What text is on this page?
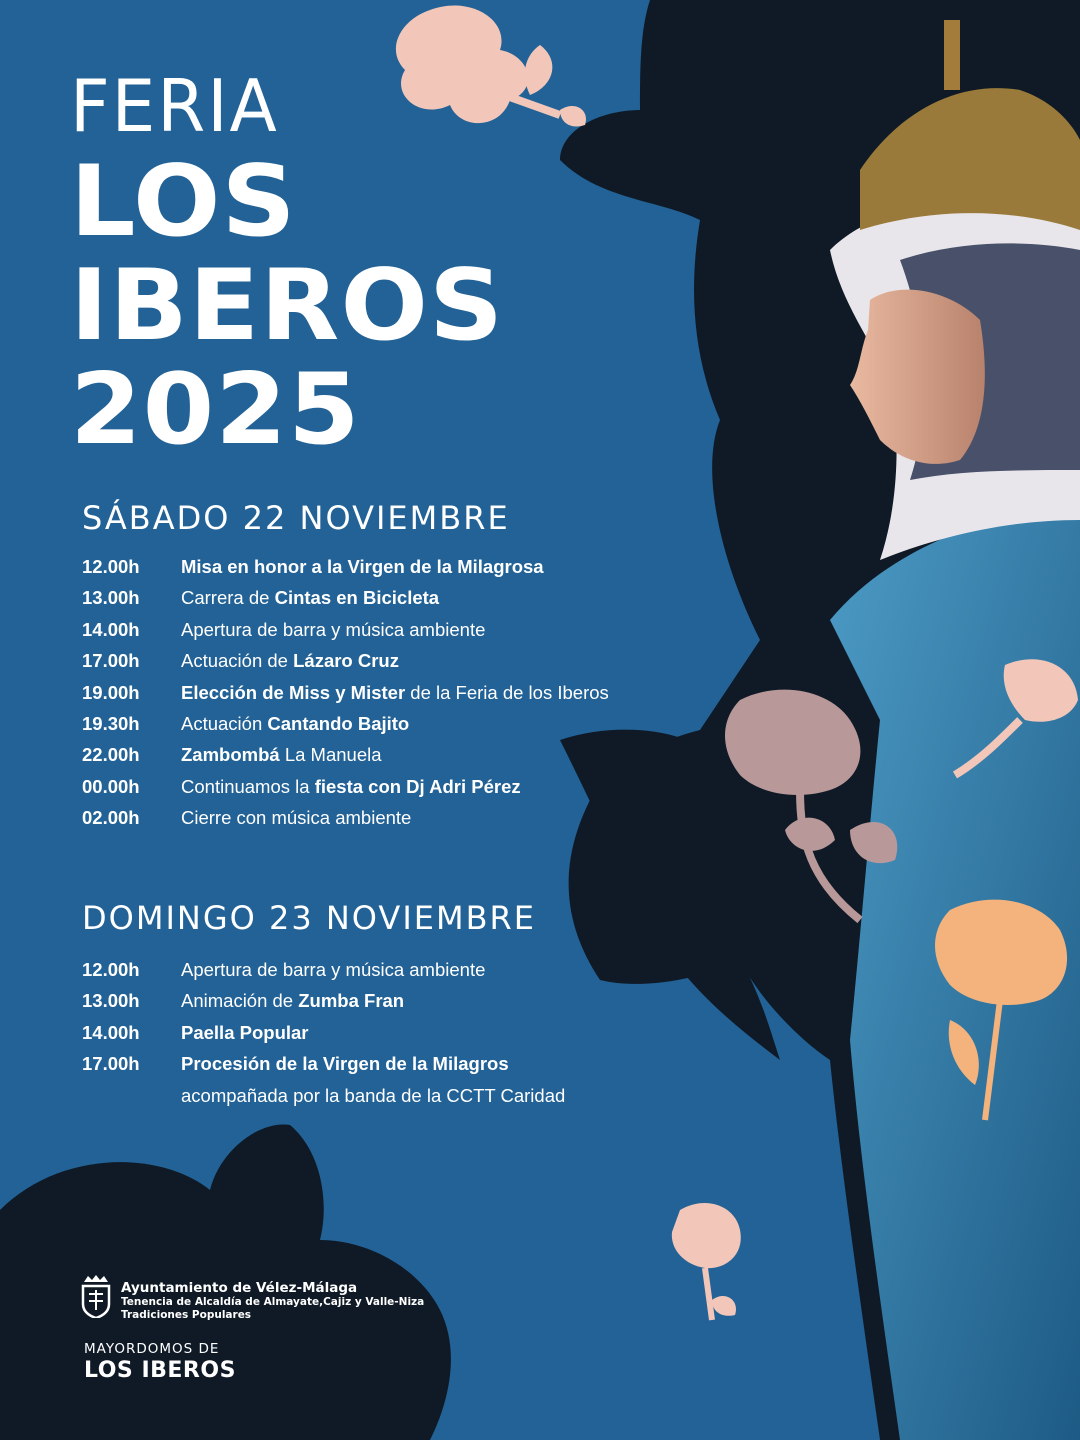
FERIA
LOS
IBEROS
2025
SÁBADO 22 NOVIEMBRE
12.00h Misa en honor a la Virgen de la Milagrosa
13.00h Carrera de Cintas en Bicicleta
14.00h Apertura de barra y música ambiente
17.00h Actuación de Lázaro Cruz
19.00h Elección de Miss y Mister de la Feria de los Iberos
19.30h Actuación Cantando Bajito
22.00h Zambombá La Manuela
00.00h Continuamos la fiesta con Dj Adri Pérez
02.00h Cierre con música ambiente
DOMINGO 23 NOVIEMBRE
12.00h Apertura de barra y música ambiente
13.00h Animación de Zumba Fran
14.00h Paella Popular
17.00h Procesión de la Virgen de la Milagros
acompañada por la banda de la CCTT Caridad
Ayuntamiento de Vélez-Málaga
Tenencia de Alcaldía de Almayate,Cajiz y Valle-Niza
Tradiciones Populares
MAYORDOMOS DE
LOS IBEROS
